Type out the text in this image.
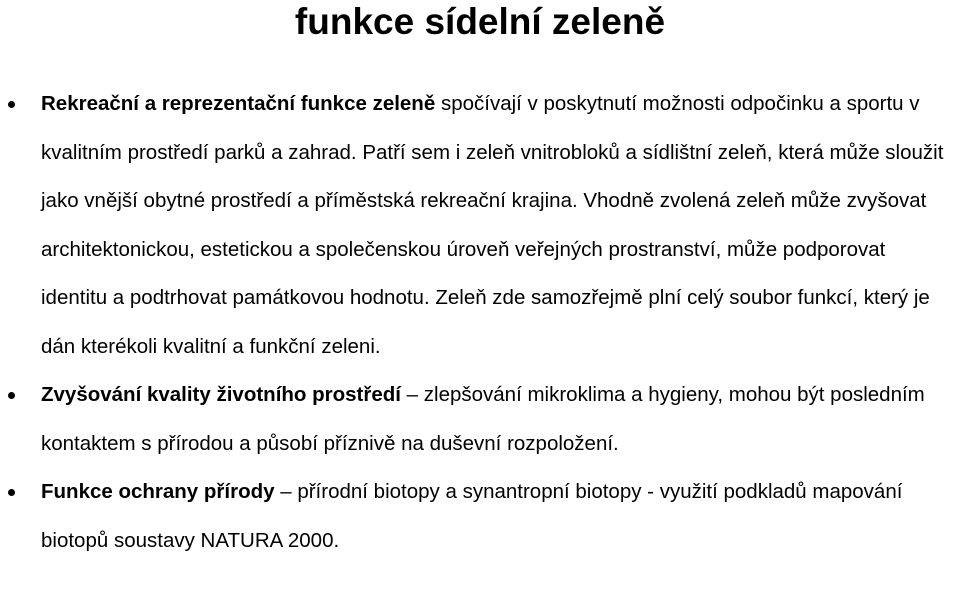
funkce sídelní zeleně
Rekreační a reprezentační funkce zeleně spočívají v poskytnutí možnosti odpočinku a sportu v kvalitním prostředí parků a zahrad. Patří sem i zeleň vnitrobloků a sídlištní zeleň, která může sloužit jako vnější obytné prostředí a příměstská rekreační krajina. Vhodně zvolená zeleň může zvyšovat architektonickou, estetickou a společenskou úroveň veřejných prostranství, může podporovat identitu a podtrhovat památkovou hodnotu. Zeleň zde samozřejmě plní celý soubor funkcí, který je dán kterékoli kvalitní a funkční zeleni.
Zvyšování kvality životního prostředí – zlepšování mikroklima a hygieny, mohou být posledním kontaktem s přírodou a působí příznivě na duševní rozpoložení.
Funkce ochrany přírody – přírodní biotopy a synantropní biotopy - využití podkladů mapování biotopů soustavy NATURA 2000.
